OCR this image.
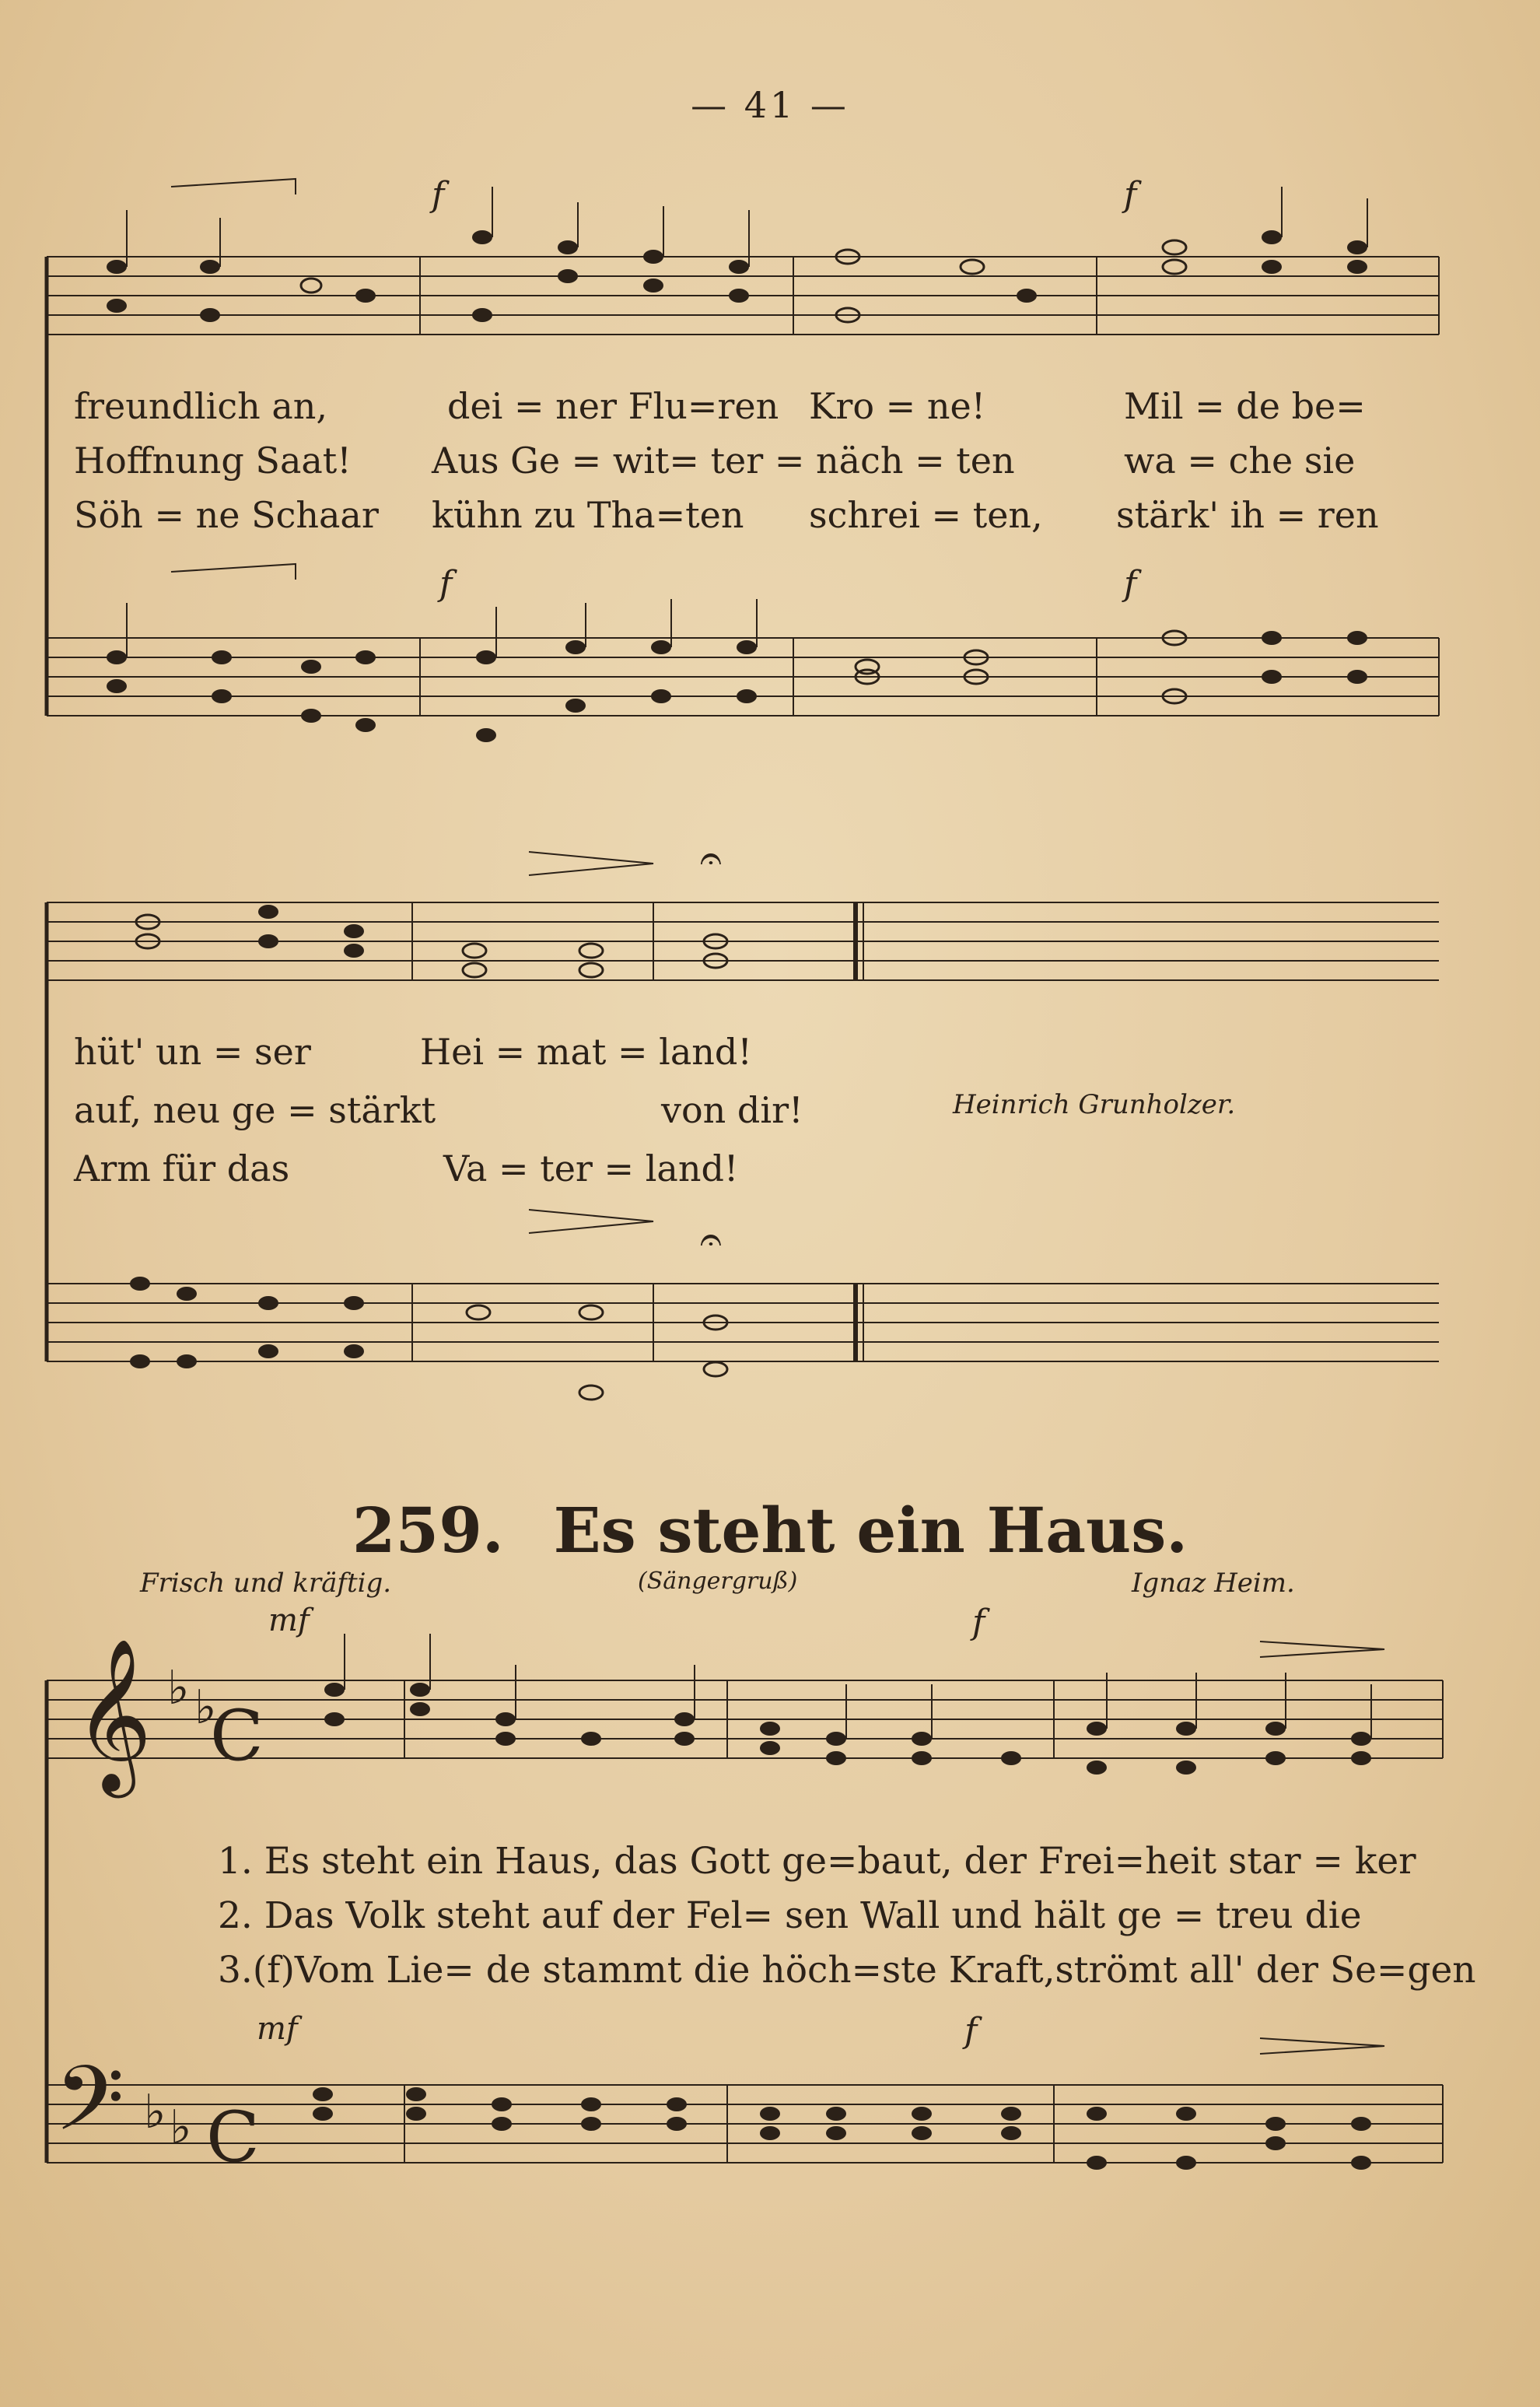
— 41 —
𝄞 ♭ ♭
C
𝄢 ♭ ♭ C
𝄐
𝄐
f	f
f	f
freundlich an,	dei = ner Flu=ren Kro = ne!	Mil = de be=
Hoffnung Saat! Aus Ge = wit= ter = näch = ten	wa = che sie
Söh = ne Schaar kühn zu Tha=ten schrei = ten, stärk' ih = ren
hüt' un = ser	Hei = mat = land!
auf, neu ge = stärkt	von dir!
Arm für das	Va = ter = land!
Heinrich Grunholzer.
259. Es steht ein Haus.
Frisch und kräftig.	(Sängergruß)	Ignaz Heim.
mf	f
mf	f
1. Es steht ein Haus, das Gott ge=baut, der Frei=heit star = ker
2. Das Volk steht auf der Fel= sen Wall und hält ge = treu die
3.(f)Vom Lie= de stammt die höch=ste Kraft,strömt all' der Se=gen
